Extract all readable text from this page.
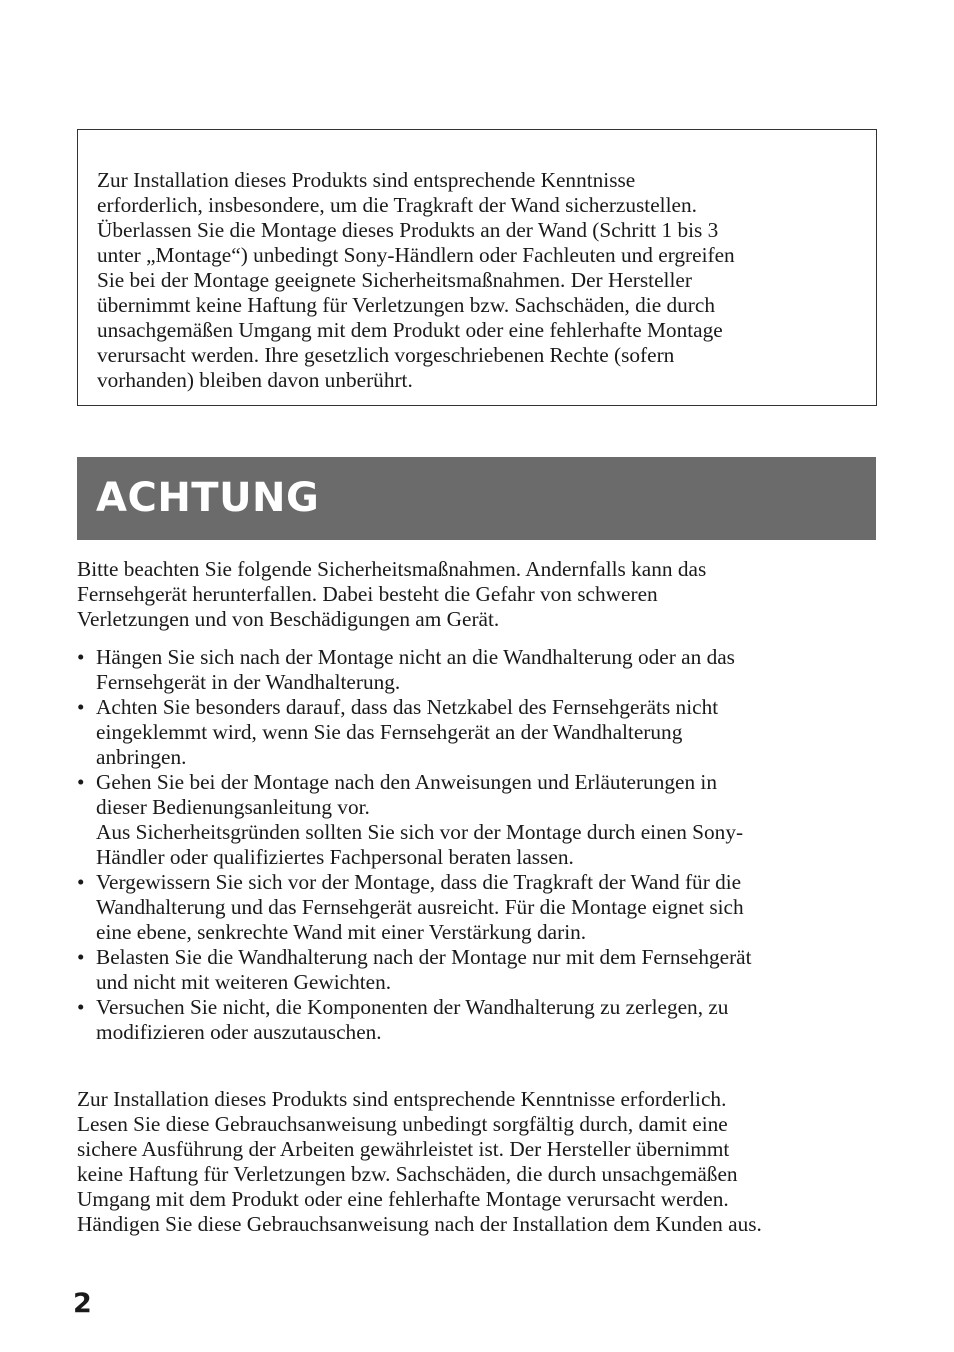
Zur Installation dieses Produkts sind entsprechende Kenntnisse
erforderlich, insbesondere, um die Tragkraft der Wand sicherzustellen.
Überlassen Sie die Montage dieses Produkts an der Wand (Schritt 1 bis 3
unter „Montage“) unbedingt Sony-Händlern oder Fachleuten und ergreifen
Sie bei der Montage geeignete Sicherheitsmaßnahmen. Der Hersteller
übernimmt keine Haftung für Verletzungen bzw. Sachschäden, die durch
unsachgemäßen Umgang mit dem Produkt oder eine fehlerhafte Montage
verursacht werden. Ihre gesetzlich vorgeschriebenen Rechte (sofern
vorhanden) bleiben davon unberührt.

ACHTUNG

Bitte beachten Sie folgende Sicherheitsmaßnahmen. Andernfalls kann das
Fernsehgerät herunterfallen. Dabei besteht die Gefahr von schweren
Verletzungen und von Beschädigungen am Gerät.

• Hängen Sie sich nach der Montage nicht an die Wandhalterung oder an das
Fernsehgerät in der Wandhalterung.
• Achten Sie besonders darauf, dass das Netzkabel des Fernsehgeräts nicht
eingeklemmt wird, wenn Sie das Fernsehgerät an der Wandhalterung
anbringen.
• Gehen Sie bei der Montage nach den Anweisungen und Erläuterungen in
dieser Bedienungsanleitung vor.
Aus Sicherheitsgründen sollten Sie sich vor der Montage durch einen Sony-
Händler oder qualifiziertes Fachpersonal beraten lassen.
• Vergewissern Sie sich vor der Montage, dass die Tragkraft der Wand für die
Wandhalterung und das Fernsehgerät ausreicht. Für die Montage eignet sich
eine ebene, senkrechte Wand mit einer Verstärkung darin.
• Belasten Sie die Wandhalterung nach der Montage nur mit dem Fernsehgerät
und nicht mit weiteren Gewichten.
• Versuchen Sie nicht, die Komponenten der Wandhalterung zu zerlegen, zu
modifizieren oder auszutauschen.

Zur Installation dieses Produkts sind entsprechende Kenntnisse erforderlich.
Lesen Sie diese Gebrauchsanweisung unbedingt sorgfältig durch, damit eine
sichere Ausführung der Arbeiten gewährleistet ist. Der Hersteller übernimmt
keine Haftung für Verletzungen bzw. Sachschäden, die durch unsachgemäßen
Umgang mit dem Produkt oder eine fehlerhafte Montage verursacht werden.
Händigen Sie diese Gebrauchsanweisung nach der Installation dem Kunden aus.

2
